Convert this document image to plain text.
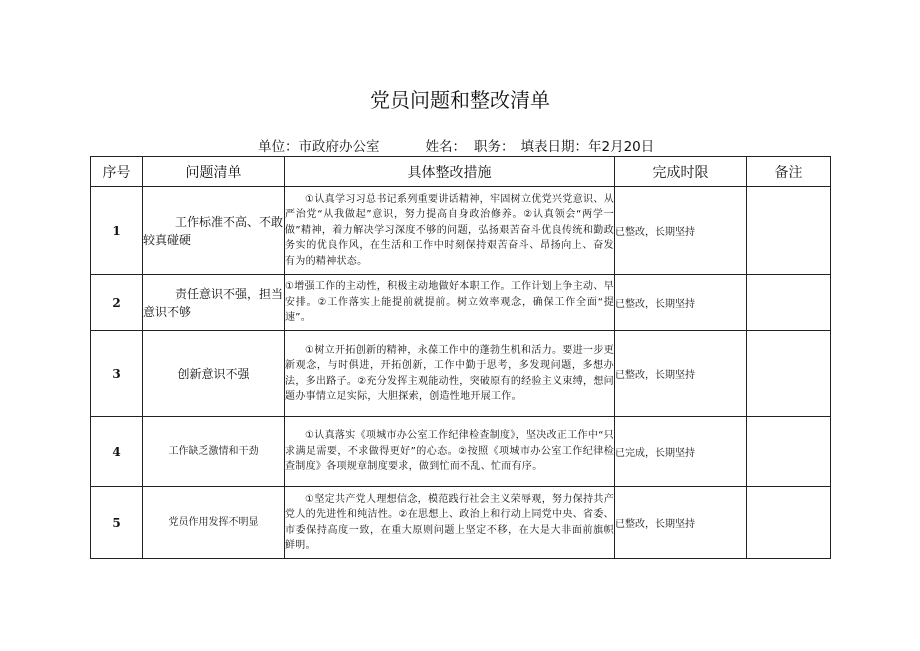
党员问题和整改清单
单位：市政府办公室	姓名： 职务： 填表日期：年2月20日
序号	问题清单	具体整改措施	完成时限	备注
1	工作标准不高、不敢较真碰硬	①认真学习习总书记系列重要讲话精神，牢固树立优党兴党意识、从严治党“从我做起”意识，努力提高自身政治修养。②认真领会“两学一做”精神，着力解决学习深度不够的问题，弘扬艰苦奋斗优良传统和勤政务实的优良作风，在生活和工作中时刻保持艰苦奋斗、昂扬向上、奋发有为的精神状态。	已整改，长期坚持	
2	责任意识不强，担当意识不够	①增强工作的主动性，积极主动地做好本职工作。工作计划上争主动、早安排。②工作落实上能提前就提前。树立效率观念，确保工作全面“提速”。	已整改，长期坚持	
3	创新意识不强	①树立开拓创新的精神，永葆工作中的蓬勃生机和活力。要进一步更新观念，与时俱进，开拓创新，工作中勤于思考，多发现问题，多想办法，多出路子。②充分发挥主观能动性，突破原有的经验主义束缚，想问题办事情立足实际，大胆探索，创造性地开展工作。	已整改，长期坚持	
4	工作缺乏激情和干劲	①认真落实《项城市办公室工作纪律检查制度》，坚决改正工作中“只求满足需要，不求做得更好”的心态。②按照《项城市办公室工作纪律检查制度》各项规章制度要求，做到忙而不乱、忙而有序。	已完成，长期坚持	
5	党员作用发挥不明显	①坚定共产党人理想信念，模范践行社会主义荣辱观，努力保持共产党人的先进性和纯洁性。②在思想上、政治上和行动上同党中央、省委、市委保持高度一致，在重大原则问题上坚定不移，在大是大非面前旗帜鲜明。	已整改，长期坚持	
